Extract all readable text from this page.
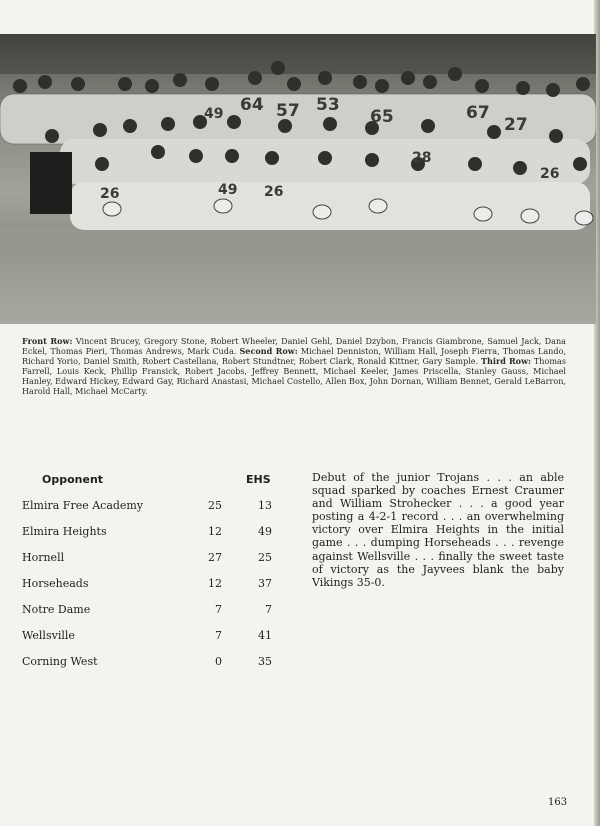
64 57 53
65	67
27
49
26	49 26
28
26
Front Row: Vincent Brucey, Gregory Stone, Robert Wheeler, Daniel Gehl, Daniel Dzybon, Francis Giambrone, Samuel Jack, Dana Eckel, Thomas Pieri, Thomas Andrews, Mark Cuda. Second Row: Michael Denniston, William Hall, Joseph Fierra, Thomas Lando, Richard Yorio, Daniel Smith, Robert Castellana, Robert Stundtner, Robert Clark, Ronald Kittner, Gary Sample. Third Row: Thomas Farrell, Louis Keck, Phillip Fransick, Robert Jacobs, Jeffrey Bennett, Michael Keeler, James Priscella, Stanley Gauss, Michael Hanley, Edward Hickey, Edward Gay, Richard Anastasi, Michael Costello, Allen Box, John Dornan, William Bennet, Gerald LeBarron, Harold Hall, Michael McCarty.
Opponent	EHS
Elmira Free Academy	25	13
Elmira Heights	12	49
Hornell	27	25
Horseheads	12	37
Notre Dame	7	7
Wellsville	7	41
Corning West	0	35
Debut of the junior Trojans . . . an able squad sparked by coaches Ernest Craumer and William Strohecker . . . a good year posting a 4-2-1 record . . . an overwhelming victory over Elmira Heights in the initial game . . . dumping Horseheads . . . revenge against Wellsville . . . finally the sweet taste of victory as the Jayvees blank the baby Vikings 35-0.
163
